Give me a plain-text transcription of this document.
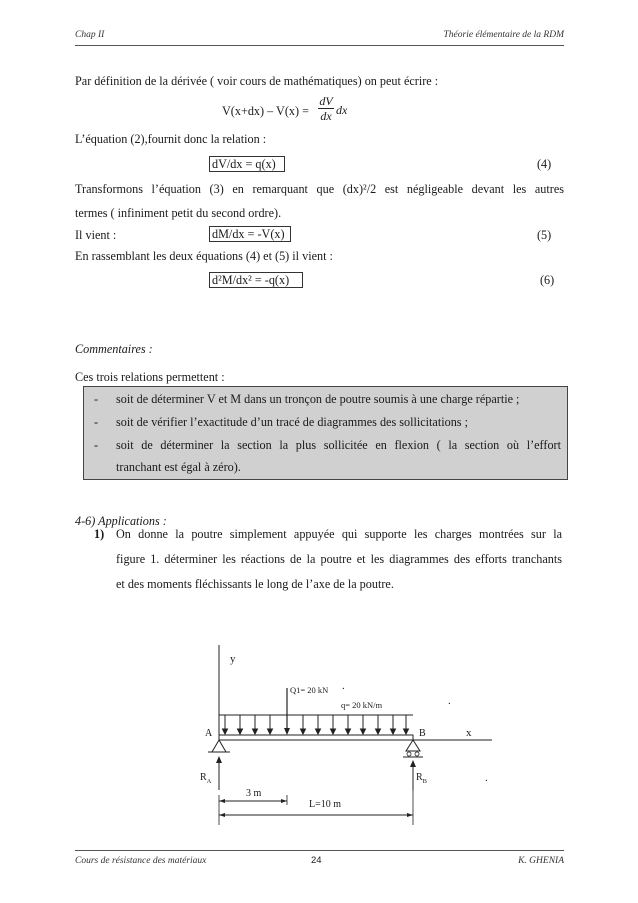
Chap II	Théorie élémentaire de la RDM
Par définition de la dérivée ( voir cours de mathématiques) on peut écrire :
V(x+dx) – V(x) =
dV
dx dx
L’équation (2),fournit donc la relation :
dV/dx = q(x)	(4)
Transformons l’équation (3) en remarquant que (dx)²/2 est négligeable devant les autres
termes ( infiniment petit du second ordre).
Il vient :	dM/dx = -V(x)	(5)
En rassemblant les deux équations (4) et (5) il vient :
d²M/dx² = -q(x)	(6)
Commentaires :
Ces trois relations permettent :
- soit de déterminer V et M dans un tronçon de poutre soumis à une charge répartie ;
- soit de vérifier l’exactitude d’un tracé de diagrammes des sollicitations ;
- soit de déterminer la section la plus sollicitée en flexion ( la section où l’effort
tranchant est égal à zéro).
4-6) Applications :
1) On donne la poutre simplement appuyée qui supporte les charges montrées sur la
figure 1. déterminer les réactions de la poutre et les diagrammes des efforts tranchants
et des moments fléchissants le long de l’axe de la poutre.
y
x
Q1= 20 kN .
q= 20 kN/m	.
A	B
$R_A$	$R_B$	.
3 m
L=10 m
Cours de résistance des matériaux	24	K. GHENIA
